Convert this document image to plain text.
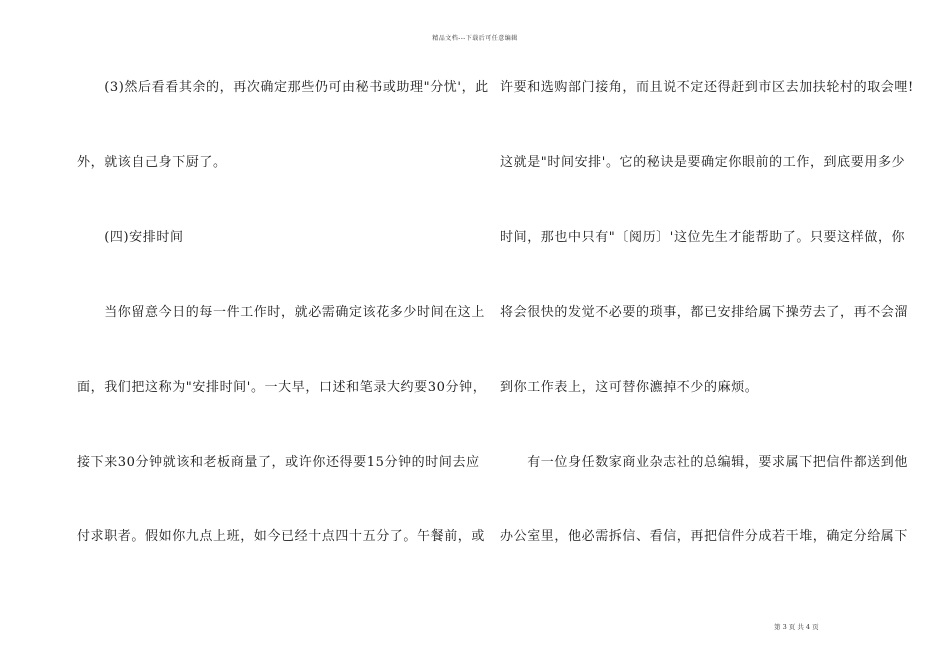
精品文档---下载后可任意编辑
　　(3)然后看看其余的，再次确定那些仍可由秘书或助理"分忧'，此
外，就该自己身下厨了。
　　(四)安排时间
　　当你留意今日的每一件工作时，就必需确定该花多少时间在这上
面，我们把这称为"安排时间'。一大早，口述和笔录大约要30分钟，
接下来30分钟就该和老板商量了，或许你还得要15分钟的时间去应
付求职者。假如你九点上班，如今已经十点四十五分了。午餐前，或
许要和选购部门接角，而且说不定还得赶到市区去加扶轮村的取会哩!
这就是"时间安排'。它的秘诀是要确定你眼前的工作，到底要用多少
时间，那也中只有"〔阅历〕'这位先生才能帮助了。只要这样做，你
将会很快的发觉不必要的琐事，都已安排给属下操劳去了，再不会溜
到你工作表上，这可替你瀌掉不少的麻烦。
　　有一位身任数家商业杂志社的总编辑，要求属下把信件都送到他
办公室里，他必需拆信、看信，再把信件分成若干堆，确定分给属下
第 3 页 共 4 页
